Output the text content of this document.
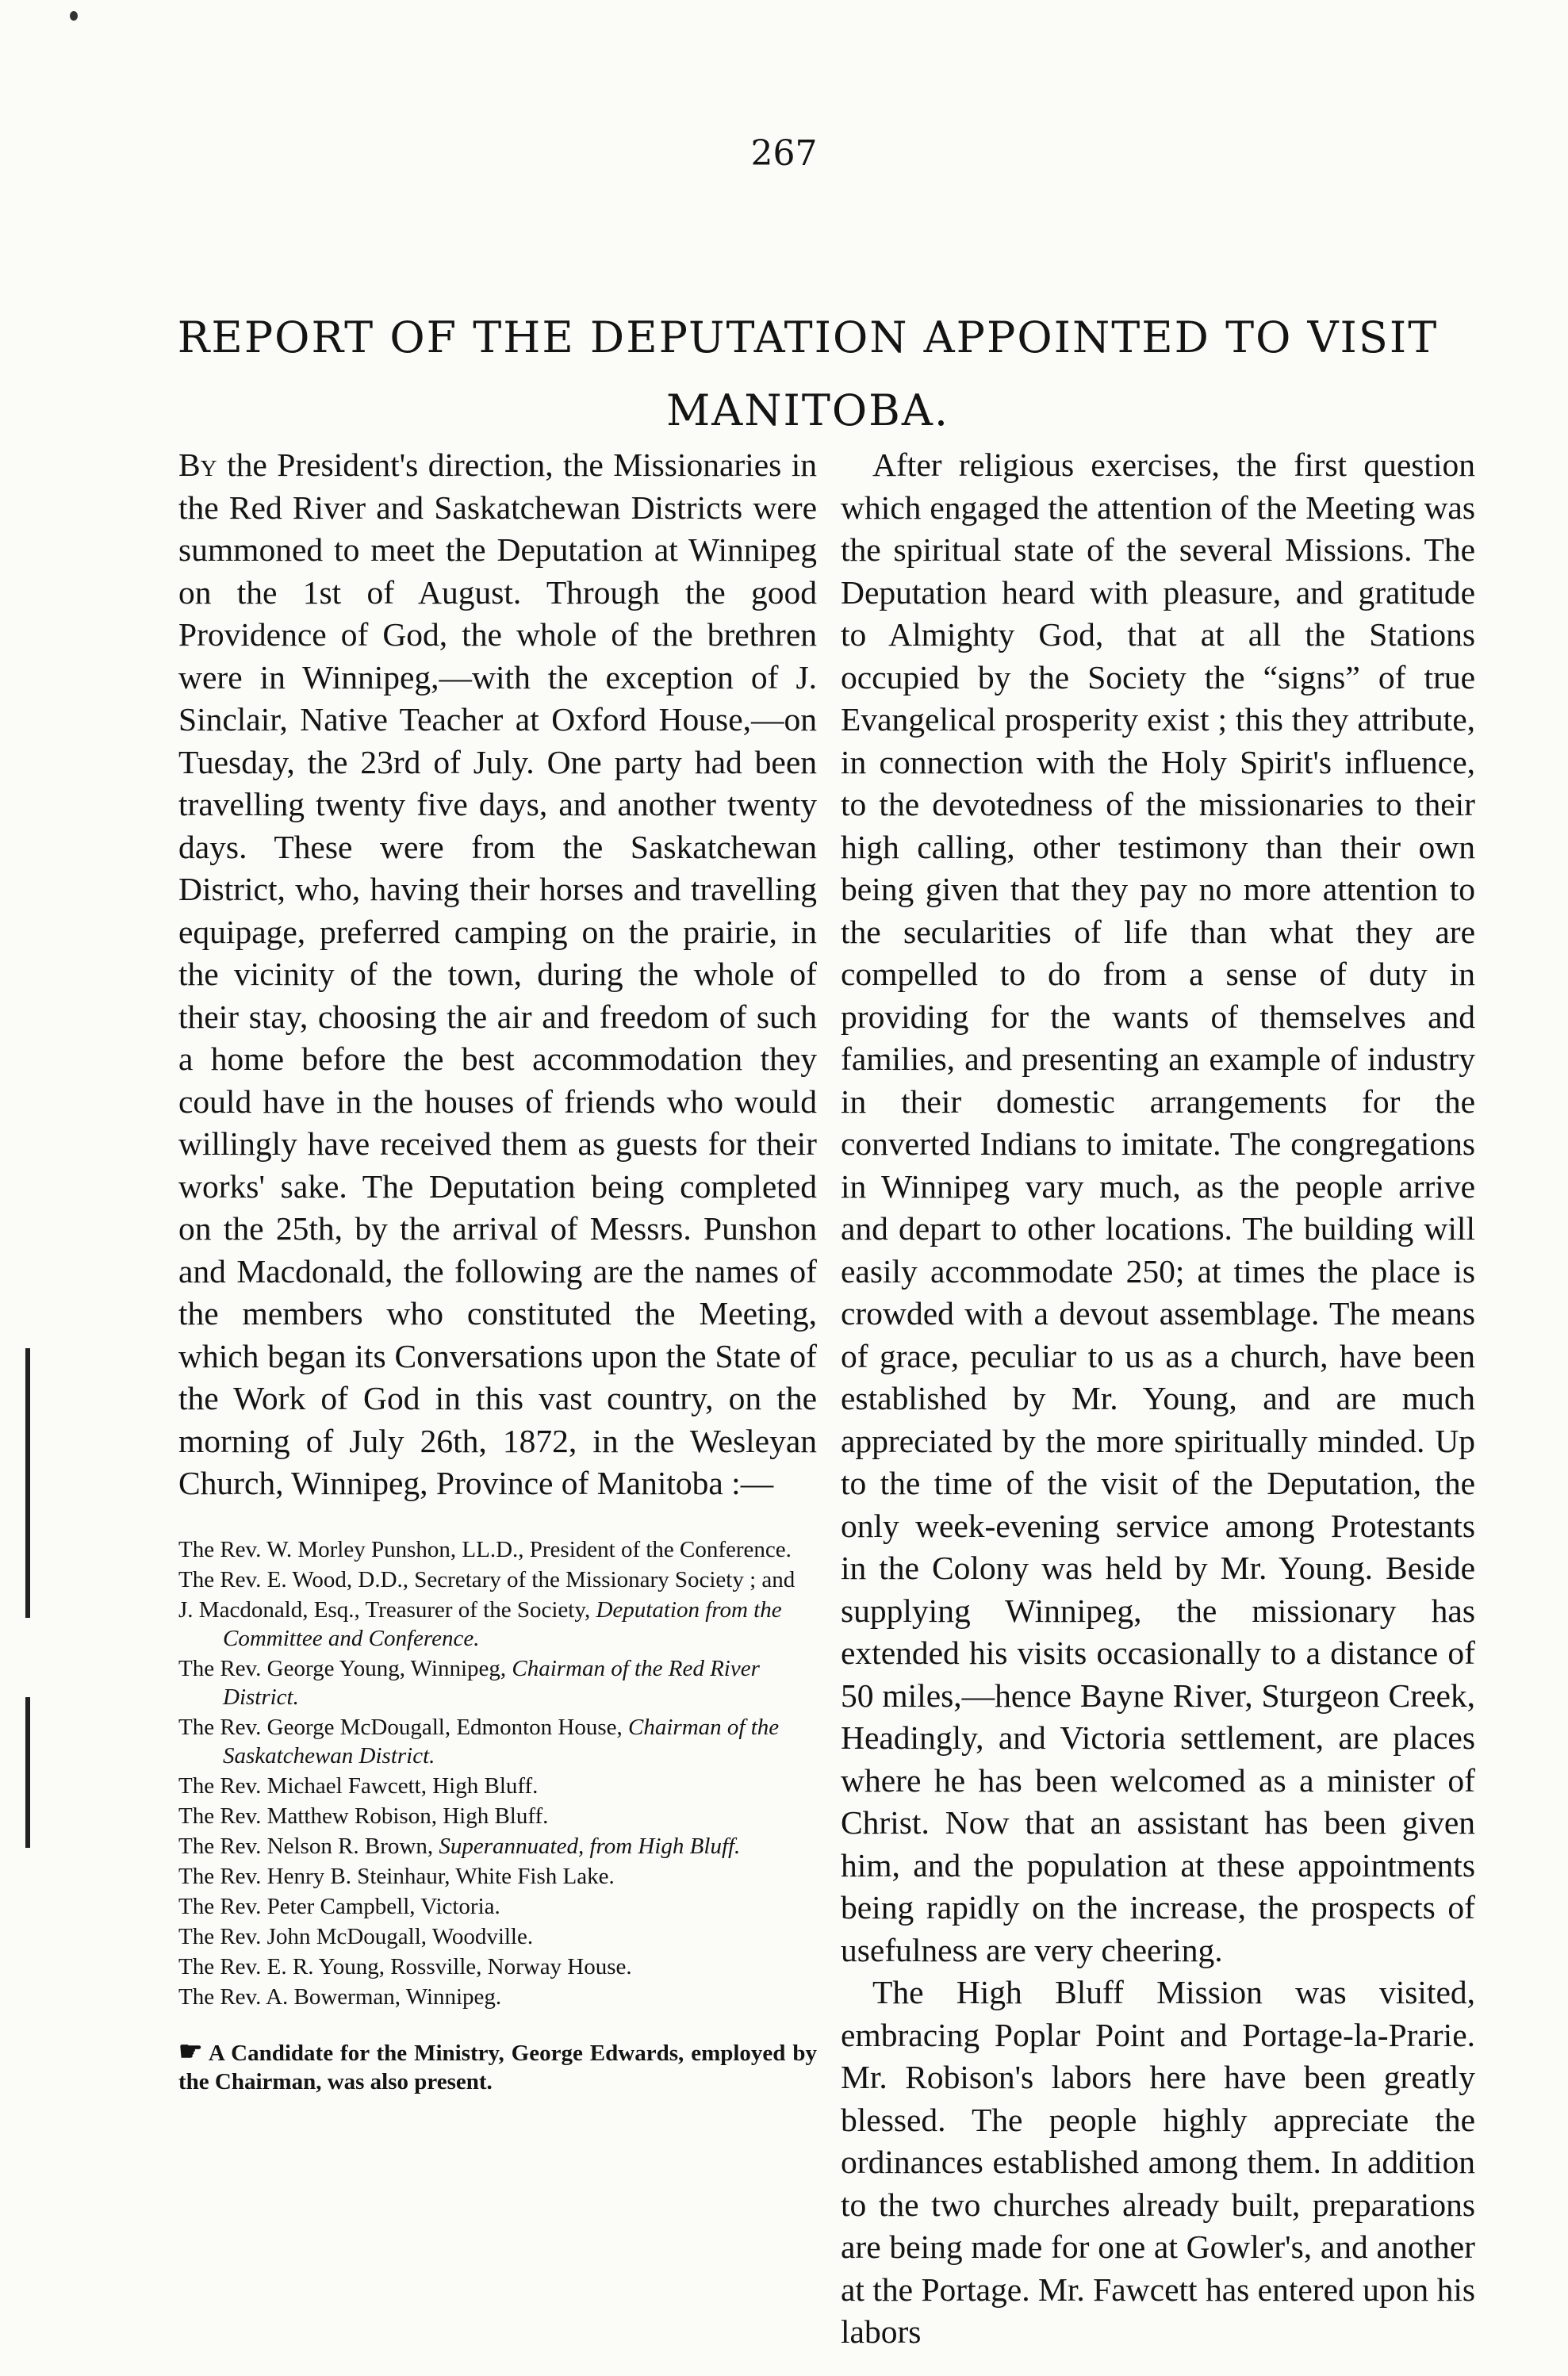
267
REPORT OF THE DEPUTATION APPOINTED TO VISIT
MANITOBA.

By the President's direction, the Missionaries in the Red River and Saskatchewan Districts were summoned to meet the Deputation at Winnipeg on the 1st of August. Through the good Providence of God, the whole of the brethren were in Winnipeg,—with the exception of J. Sinclair, Native Teacher at Oxford House,—on Tuesday, the 23rd of July. One party had been travelling twenty five days, and another twenty days. These were from the Saskatchewan District, who, having their horses and travelling equipage, preferred camping on the prairie, in the vicinity of the town, during the whole of their stay, choosing the air and freedom of such a home before the best accommodation they could have in the houses of friends who would willingly have received them as guests for their works' sake. The Deputation being completed on the 25th, by the arrival of Messrs. Punshon and Macdonald, the following are the names of the members who constituted the Meeting, which began its Conversations upon the State of the Work of God in this vast country, on the morning of July 26th, 1872, in the Wesleyan Church, Winnipeg, Province of Manitoba :—

The Rev. W. Morley Punshon, LL.D., President of the Conference.
The Rev. E. Wood, D.D., Secretary of the Missionary Society ; and
J. Macdonald, Esq., Treasurer of the Society, Deputation from the Committee and Conference.
The Rev. George Young, Winnipeg, Chairman of the Red River District.
The Rev. George McDougall, Edmonton House, Chairman of the Saskatchewan District.
The Rev. Michael Fawcett, High Bluff.
The Rev. Matthew Robison, High Bluff.
The Rev. Nelson R. Brown, Superannuated, from High Bluff.
The Rev. Henry B. Steinhaur, White Fish Lake.
The Rev. Peter Campbell, Victoria.
The Rev. John McDougall, Woodville.
The Rev. E. R. Young, Rossville, Norway House.
The Rev. A. Bowerman, Winnipeg.

☛ A Candidate for the Ministry, George Edwards, employed by the Chairman, was also present.

After religious exercises, the first question which engaged the attention of the Meeting was the spiritual state of the several Missions. The Deputation heard with pleasure, and gratitude to Almighty God, that at all the Stations occupied by the Society the “signs” of true Evangelical prosperity exist ; this they attribute, in connection with the Holy Spirit's influence, to the devotedness of the missionaries to their high calling, other testimony than their own being given that they pay no more attention to the secularities of life than what they are compelled to do from a sense of duty in providing for the wants of themselves and families, and presenting an example of industry in their domestic arrangements for the converted Indians to imitate. The congregations in Winnipeg vary much, as the people arrive and depart to other locations. The building will easily accommodate 250; at times the place is crowded with a devout assemblage. The means of grace, peculiar to us as a church, have been established by Mr. Young, and are much appreciated by the more spiritually minded. Up to the time of the visit of the Deputation, the only week-evening service among Protestants in the Colony was held by Mr. Young. Beside supplying Winnipeg, the missionary has extended his visits occasionally to a distance of 50 miles,—hence Bayne River, Sturgeon Creek, Headingly, and Victoria settlement, are places where he has been welcomed as a minister of Christ. Now that an assistant has been given him, and the population at these appointments being rapidly on the increase, the prospects of usefulness are very cheering.

The High Bluff Mission was visited, embracing Poplar Point and Portage-la-Prarie. Mr. Robison's labors here have been greatly blessed. The people highly appreciate the ordinances established among them. In addition to the two churches already built, preparations are being made for one at Gowler's, and another at the Portage. Mr. Fawcett has entered upon his labors
